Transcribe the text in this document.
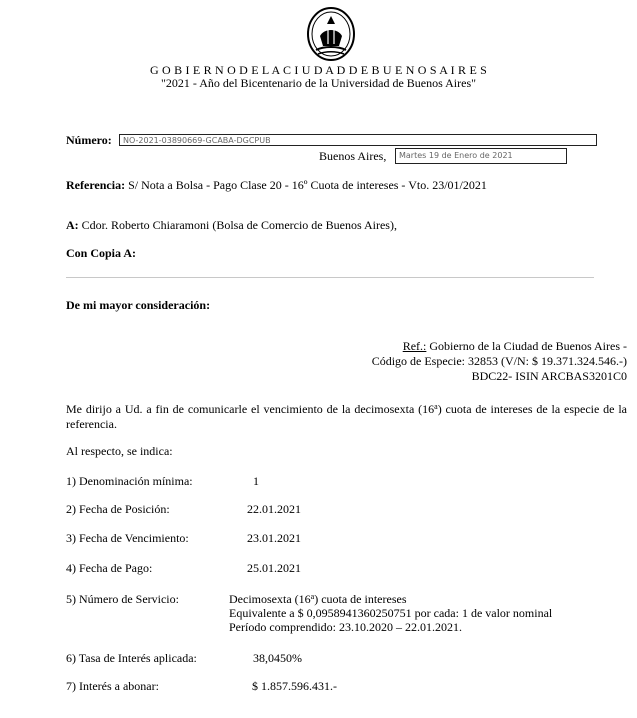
G O B I E R N O D E L A C I U D A D D E B U E N O S A I R E S
"2021 - Año del Bicentenario de la Universidad de Buenos Aires"
Número:	NO-2021-03890669-GCABA-DGCPUB
Buenos Aires,	Martes 19 de Enero de 2021
Referencia: S/ Nota a Bolsa - Pago Clase 20 - 16º Cuota de intereses - Vto. 23/01/2021
A: Cdor. Roberto Chiaramoni (Bolsa de Comercio de Buenos Aires),
Con Copia A:
De mi mayor consideración:
Ref.: Gobierno de la Ciudad de Buenos Aires -
Código de Especie: 32853 (V/N: $ 19.371.324.546.-)
BDC22- ISIN ARCBAS3201C0
Me dirijo a Ud. a fin de comunicarle el vencimiento de la decimosexta (16$^a$) cuota de intereses de la especie de la referencia.
Al respecto, se indica:
1) Denominación mínima:	1
2) Fecha de Posición:	22.01.2021
3) Fecha de Vencimiento:	23.01.2021
4) Fecha de Pago:	25.01.2021
5) Número de Servicio:	Decimosexta (16$^a$) cuota de intereses
Equivalente a $ 0,0958941360250751 por cada: 1 de valor nominal
Período comprendido: 23.10.2020 – 22.01.2021.
6) Tasa de Interés aplicada:	38,0450%
7) Interés a abonar:	$ 1.857.596.431.-
